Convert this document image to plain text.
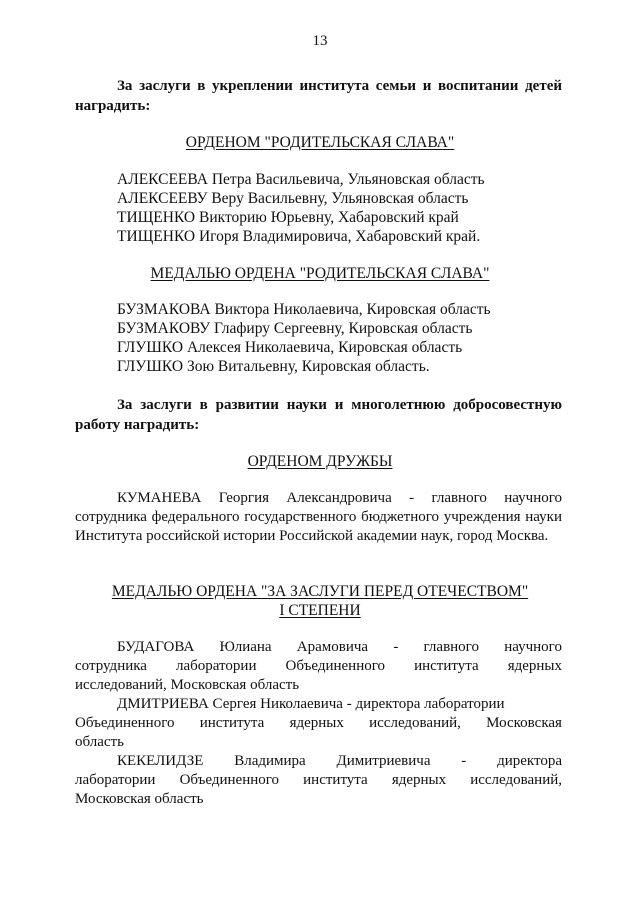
13
За заслуги в укреплении института семьи и воспитании детей наградить:
ОРДЕНОМ "РОДИТЕЛЬСКАЯ СЛАВА"
АЛЕКСЕЕВА Петра Васильевича, Ульяновская область
АЛЕКСЕЕВУ Веру Васильевну, Ульяновская область
ТИЩЕНКО Викторию Юрьевну, Хабаровский край
ТИЩЕНКО Игоря Владимировича, Хабаровский край.
МЕДАЛЬЮ ОРДЕНА "РОДИТЕЛЬСКАЯ СЛАВА"
БУЗМАКОВА Виктора Николаевича, Кировская область
БУЗМАКОВУ Глафиру Сергеевну, Кировская область
ГЛУШКО Алексея Николаевича, Кировская область
ГЛУШКО Зою Витальевну, Кировская область.
За заслуги в развитии науки и многолетнюю добросовестную работу наградить:
ОРДЕНОМ ДРУЖБЫ
КУМАНЕВА Георгия Александровича - главного научного сотрудника федерального государственного бюджетного учреждения науки Института российской истории Российской академии наук, город Москва.
МЕДАЛЬЮ ОРДЕНА "ЗА ЗАСЛУГИ ПЕРЕД ОТЕЧЕСТВОМ"
I СТЕПЕНИ
БУДАГОВА Юлиана Арамовича - главного научного
сотрудника лаборатории Объединенного института ядерных
исследований, Московская область
ДМИТРИЕВА Сергея Николаевича - директора лаборатории
Объединенного института ядерных исследований, Московская
область
КЕКЕЛИДЗЕ Владимира Димитриевича - директора
лаборатории Объединенного института ядерных исследований,
Московская область
